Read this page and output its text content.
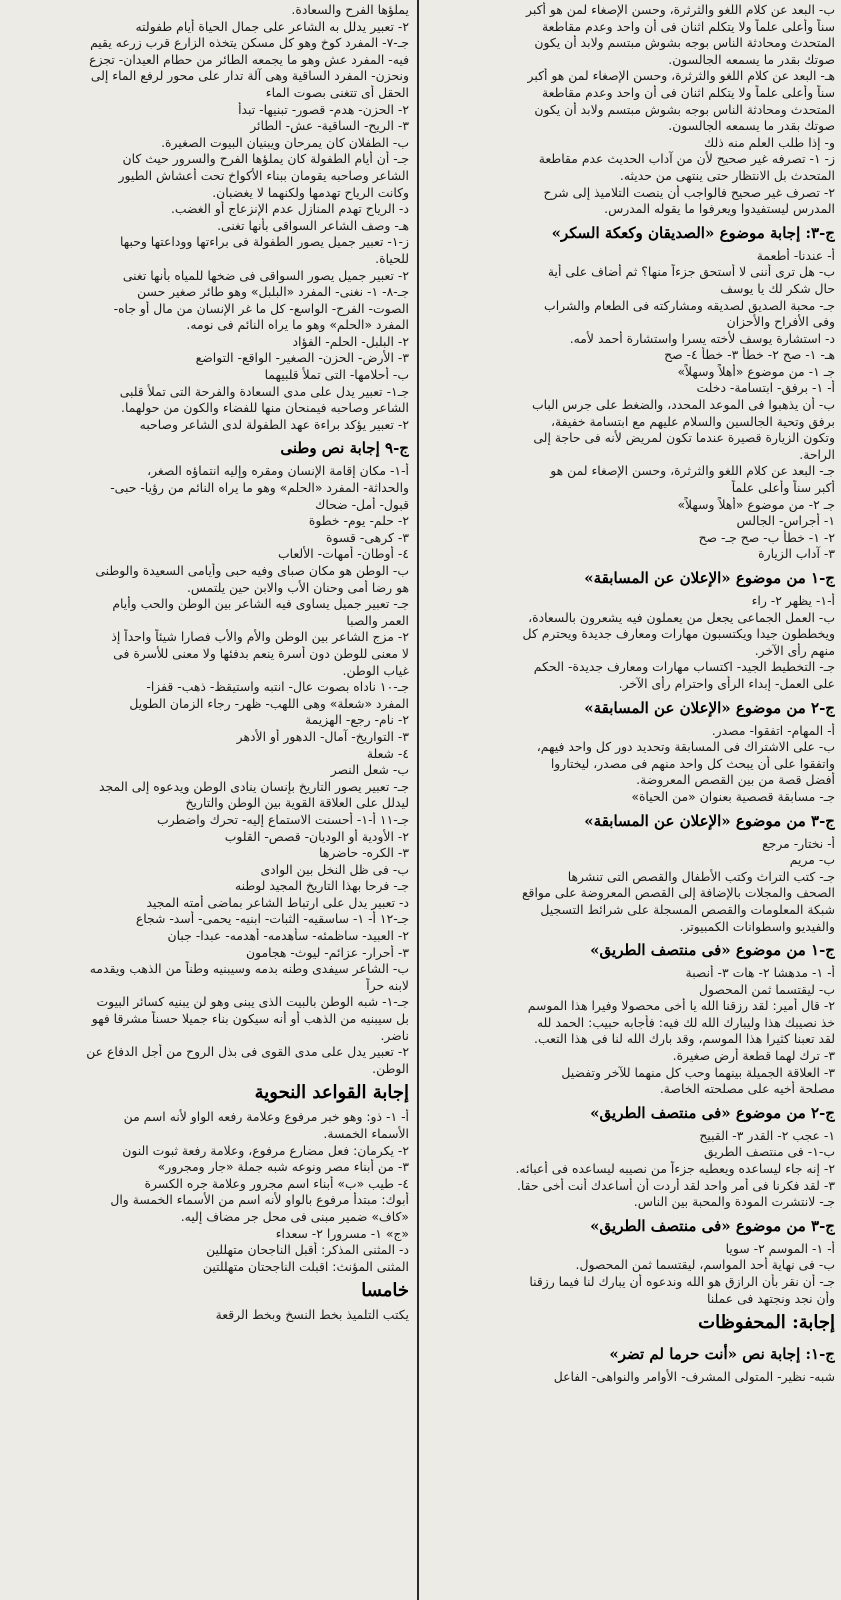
ب- البعد عن كلام اللغو والثرثرة، وحسن الإصغاء لمن هو أكبر
سناً وأعلى علماً ولا يتكلم اثنان فى أن واحد وعدم مقاطعة
المتحدث ومحادثة الناس بوجه بشوش مبتسم ولابد أن يكون
صوتك بقدر ما يسمعه الجالسون.
هـ- البعد عن كلام اللغو والثرثرة، وحسن الإصغاء لمن هو أكبر
سناً وأعلى علماً ولا يتكلم اثنان فى أن واحد وعدم مقاطعة
المتحدث ومحادثة الناس بوجه بشوش مبتسم ولابد أن يكون
صوتك بقدر ما يسمعه الجالسون.
و- إذا طلب العلم منه ذلك
ز- ١- تصرفه غير صحيح لأن من آداب الحديث عدم مقاطعة
المتحدث بل الانتظار حتى ينتهى من حديثه.
٢- تصرف غير صحيح فالواجب أن ينصت التلاميذ إلى شرح
المدرس ليستفيدوا ويعرفوا ما يقوله المدرس.
ج-٣: إجابة موضوع «الصديقان وكعكة السكر»
أ- عندنا- أطعمة
ب- هل ترى أننى لا أستحق جزءاً منها؟ ثم أضاف على أية
حال شكر لك يا يوسف
جـ- محبة الصديق لصديقه ومشاركته فى الطعام والشراب
وفى الأفراح والأحزان
د- استشارة يوسف لأخته يسرا واستشارة أحمد لأمه.
هـ- ١- صح ٢- خطأ ٣- خطأ ٤- صح
جـ ١- من موضوع «أهلاً وسهلاً»
أ- ١- برفق- ابتسامة- دخلت
ب- أن يذهبوا فى الموعد المحدد، والضغط على جرس الباب
برفق وتحية الجالسين والسلام عليهم مع ابتسامة خفيفة،
وتكون الزيارة قصيرة عندما تكون لمريض لأنه فى حاجة إلى
الراحة.
جـ- البعد عن كلام اللغو والثرثرة، وحسن الإصغاء لمن هو
أكبر سناً وأعلى علماً
جـ ٢- من موضوع «أهلاً وسهلاً»
١- أجراس- الجالس
٢- ١- خطأ ب- صح جـ- صح
٣- آداب الزيارة
ج-١ من موضوع «الإعلان عن المسابقة»
أ-١- يظهر ٢- راء
ب- العمل الجماعى يجعل من يعملون فيه يشعرون بالسعادة،
ويخططون جيدا ويكتسبون مهارات ومعارف جديدة ويحترم كل
منهم رأى الآخر.
جـ- التخطيط الجيد- اكتساب مهارات ومعارف جديدة- الحكم
على العمل- إبداء الرأى واحترام رأى الآخر.
ج-٢ من موضوع «الإعلان عن المسابقة»
أ- المهام- اتفقوا- مصدر.
ب- على الاشتراك فى المسابقة وتحديد دور كل واحد فيهم،
واتفقوا على أن يبحث كل واحد منهم فى مصدر، ليختاروا
أفضل قصة من بين القصص المعروضة.
جـ- مسابقة قصصية بعنوان «من الحياة»
ج-٣ من موضوع «الإعلان عن المسابقة»
أ- نختار- مرجع
ب- مريم
جـ- كتب التراث وكتب الأطفال والقصص التى تنشرها
الصحف والمجلات بالإضافة إلى القصص المعروضة على مواقع
شبكة المعلومات والقصص المسجلة على شرائط التسجيل
والفيديو واسطوانات الكمبيوتر.
ج-١ من موضوع «فى منتصف الطريق»
أ- ١- مدهشا ٢- هات ٣- أنصبة
ب- ليقتسما ثمن المحصول
٢- قال أمير: لقد رزقنا الله يا أخى محصولا وفيرا هذا الموسم
خذ نصيبك هذا وليبارك الله لك فيه: فأجابه حبيب: الحمد لله
لقد تعبنا كثيرا هذا الموسم، وقد بارك الله لنا فى هذا التعب.
٣- ترك لهما قطعة أرض صغيرة.
٣- العلاقة الجميلة بينهما وحب كل منهما للآخر وتفضيل
مصلحة أخيه على مصلحته الخاصة.
ج-٢ من موضوع «فى منتصف الطريق»
١- عجب ٢- القدر ٣- القبيح
ب-١- فى منتصف الطريق
٢- إنه جاء ليساعده ويعطيه جزءاً من نصيبه ليساعده فى أعبائه.
٣- لقد فكرنا فى أمر واحد لقد أردت أن أساعدك أنت أخى حقا.
جـ- لانتشرت المودة والمحبة بين الناس.
ج-٣ من موضوع «فى منتصف الطريق»
أ- ١- الموسم ٢- سويا
ب- فى نهاية أحد المواسم، ليقتسما ثمن المحصول.
جـ- أن نقر بأن الرازق هو الله وندعوه أن يبارك لنا فيما رزقنا
وأن نجد ونجتهد فى عملنا
إجابة: المحفوظات
ج-١: إجابة نص «أنت حرما لم تضر»
شبه- نظير- المتولى المشرف- الأوامر والنواهى- الفاعل
يملؤها الفرح والسعادة.
٢- تعبير يدلل به الشاعر على جمال الحياة أيام طفولته
جـ-٧- المفرد كوخ وهو كل مسكن يتخذه الزارع قرب زرعه يقيم
فيه- المفرد عش وهو ما يجمعه الطائر من حطام العيدان- تجزع
ونحزن- المفرد الساقية وهى آلة تدار على محور لرفع الماء إلى
الحقل أى تتغنى بصوت الماء
٢- الحزن- هدم- قصور- تبنيها- تبدأ
٣- الريح- الساقية- عش- الطائر
ب- الطفلان كان يمرحان ويبنيان البيوت الصغيرة.
جـ- أن أيام الطفولة كان يملؤها الفرح والسرور حيث كان
الشاعر وصاحبه يقومان ببناء الأكواخ تحت أعشاش الطيور
وكانت الرياح تهدمها ولكنهما لا يغضبان.
د- الرياح تهدم المنازل عدم الإنزعاج أو الغضب.
هـ- وصف الشاعر السواقى بأنها تغنى.
ز-١- تعبير جميل يصور الطفولة فى براءتها ووداعتها وحبها
للحياة.
٢- تعبير جميل يصور السواقى فى ضخها للمياه بأنها تغنى
جـ-٨- ١- نغنى- المفرد «البلبل» وهو طائر صغير حسن
الصوت- الفرح- الواسع- كل ما غر الإنسان من مال أو جاه-
المفرد «الحلم» وهو ما يراه النائم فى نومه.
٢- البلبل- الحلم- الفؤاد
٣- الأرض- الحزن- الصغير- الواقع- التواضع
ب- أحلامها- التى تملأ قلبيهما
جـ١- تعبير يدل على مدى السعادة والفرحة التى تملأ قلبى
الشاعر وصاحبه فيمنحان منها للفضاء والكون من حولهما.
٢- تعبير يؤكد براءة عهد الطفولة لدى الشاعر وصاحبه
ج-٩ إجابة نص وطنى
أ-١- مكان إقامة الإنسان ومقره وإليه انتماؤه الصغر،
والحداثة- المفرد «الحلم» وهو ما يراه النائم من رؤيا- حبى-
قبول- أمل- ضحاك
٢- حلم- يوم- خطوة
٣- كرهى- قسوة
٤- أوطان- أمهات- الألعاب
ب- الوطن هو مكان صباى وفيه حبى وأيامى السعيدة والوطنى
هو رضا أمى وحنان الأب والابن حين يلتمس.
جـ- تعبير جميل يساوى فيه الشاعر بين الوطن والحب وأيام
العمر والصبا
٢- مزج الشاعر بين الوطن والأم والأب فصارا شيئاً واحداً إذ
لا معنى للوطن دون أسرة ينعم بدفئها ولا معنى للأسرة فى
غياب الوطن.
جـ-١٠ ناداه بصوت عال- انتبه واستيقظ- ذهب- قفزا-
المفرد «شعلة» وهى اللهب- ظهر- رجاء الزمان الطويل
٢- نام- رجع- الهزيمة
٣- التواريخ- آمال- الدهور أو الأدهر
٤- شعلة
ب- شعل النصر
جـ- تعبير يصور التاريخ بإنسان ينادى الوطن ويدعوه إلى المجد
ليدلل على العلاقة القوية بين الوطن والتاريخ
جـ-١١ أ-١- أحسنت الاستماع إليه- تحرك واضطرب
٢- الأودية أو الوديان- قصص- القلوب
٣- الكره- حاضرها
ب- فى ظل النخل بين الوادى
جـ- فرحا بهذا التاريخ المجيد لوطنه
د- تعبير يدل على ارتباط الشاعر بماضى أمته المجيد
جـ-١٢ أ- ١- ساسقيه- الثبات- ابنيه- يحمى- أسد- شجاع
٢- العبيد- ساظمئه- سأهدمه- أهدمه- عبدا- جبان
٣- أحرار- عزائم- ليوث- هجامون
ب- الشاعر سيفدى وطنه بدمه وسيبنيه وطناً من الذهب ويقدمه
لابنه حراً
جـ-١- شبه الوطن بالبيت الذى يبنى وهو لن يبنيه كسائر البيوت
بل سيبنيه من الذهب أو أنه سيكون بناء جميلا حسناً مشرقا فهو
ناضر.
٢- تعبير يدل على مدى القوى فى بذل الروح من أجل الدفاع عن
الوطن.
إجابة القواعد النحوية
أ- ١- ذو: وهو خبر مرفوع وعلامة رفعه الواو لأنه اسم من
الأسماء الخمسة.
٢- يكرمان: فعل مضارع مرفوع، وعلامة رفعة ثبوت النون
٣- من أبناء مصر ونوعه شبه جملة «جار ومجرور»
٤- طيب «ب» أبناء اسم مجرور وعلامة جره الكسرة
أبوك: مبتدأ مرفوع بالواو لأنه اسم من الأسماء الخمسة وال
«كاف» ضمير مبنى فى محل جر مضاف إليه.
«ج» ١- مسرورا ٢- سعداء
د- المثنى المذكر: أقبل الناجحان متهللين
المثنى المؤنث: اقبلت الناجحتان متهللتين
خامسا
يكتب التلميذ بخط النسخ وبخط الرقعة
